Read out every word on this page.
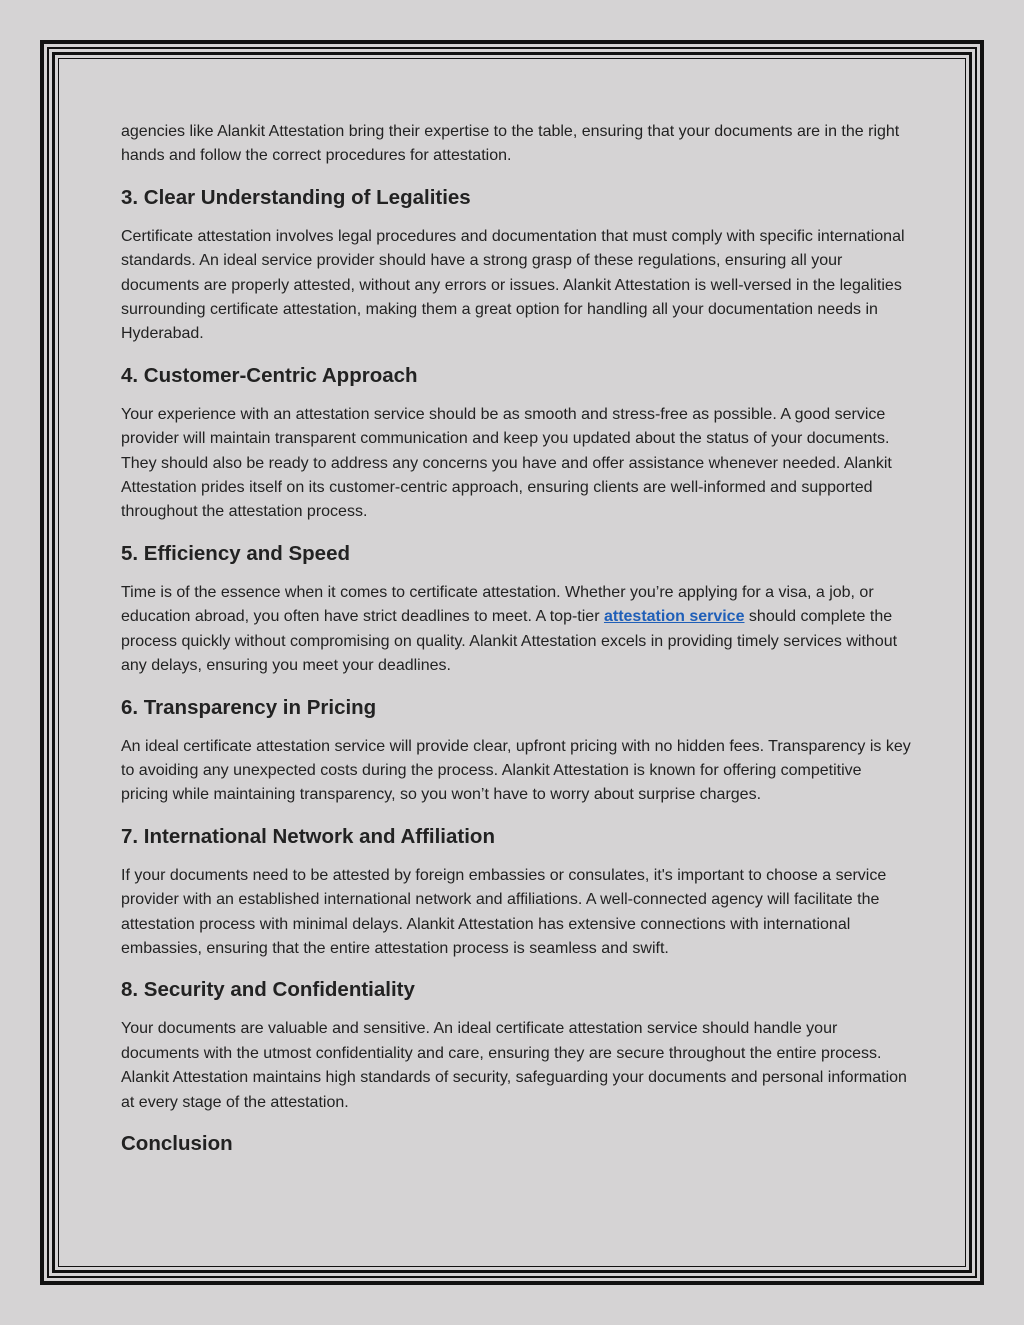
agencies like Alankit Attestation bring their expertise to the table, ensuring that your documents are in the right hands and follow the correct procedures for attestation.

3. Clear Understanding of Legalities

Certificate attestation involves legal procedures and documentation that must comply with specific international standards. An ideal service provider should have a strong grasp of these regulations, ensuring all your documents are properly attested, without any errors or issues. Alankit Attestation is well-versed in the legalities surrounding certificate attestation, making them a great option for handling all your documentation needs in Hyderabad.

4. Customer-Centric Approach

Your experience with an attestation service should be as smooth and stress-free as possible. A good service provider will maintain transparent communication and keep you updated about the status of your documents. They should also be ready to address any concerns you have and offer assistance whenever needed. Alankit Attestation prides itself on its customer-centric approach, ensuring clients are well-informed and supported throughout the attestation process.

5. Efficiency and Speed

Time is of the essence when it comes to certificate attestation. Whether you’re applying for a visa, a job, or education abroad, you often have strict deadlines to meet. A top-tier attestation service should complete the process quickly without compromising on quality. Alankit Attestation excels in providing timely services without any delays, ensuring you meet your deadlines.

6. Transparency in Pricing

An ideal certificate attestation service will provide clear, upfront pricing with no hidden fees. Transparency is key to avoiding any unexpected costs during the process. Alankit Attestation is known for offering competitive pricing while maintaining transparency, so you won’t have to worry about surprise charges.

7. International Network and Affiliation

If your documents need to be attested by foreign embassies or consulates, it's important to choose a service provider with an established international network and affiliations. A well-connected agency will facilitate the attestation process with minimal delays. Alankit Attestation has extensive connections with international embassies, ensuring that the entire attestation process is seamless and swift.

8. Security and Confidentiality

Your documents are valuable and sensitive. An ideal certificate attestation service should handle your documents with the utmost confidentiality and care, ensuring they are secure throughout the entire process. Alankit Attestation maintains high standards of security, safeguarding your documents and personal information at every stage of the attestation.

Conclusion
